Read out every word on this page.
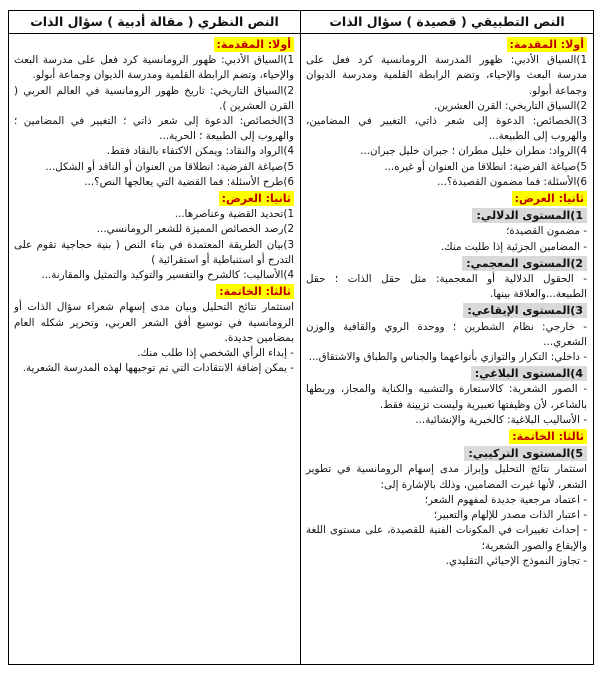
النص التطبيقي ( قصيدة ) سؤال الذات
أولا: المقدمة:

1)السياق الأدبي: ظهور المدرسة الرومانسية كرد فعل على مدرسة البعث والإحياء، وتضم الرابطة القلمية ومدرسة الديوان وجماعة أبولو.

2)السياق التاريخي: القرن العشرين.

3)الخصائص: الدعوة إلى شعر ذاتي، التغيير في المضامين، والهروب إلى الطبيعة...

4)الرواد: مطران خليل مطران ؛ جبران خليل جبران...

5)صياغة الفرضية: انطلاقا من العنوان أو غيره...

6)الأسئلة: فما مضمون القصيدة؟...

ثانيا: العرض:
1)المستوى الدلالي:

- مضمون القصيدة؛

- المضامين الجزئية إذا طلبت منك.

2)المستوى المعجمي:

- الحقول الدلالية أو المعجمية: مثل حقل الذات ؛ حقل الطبيعة...والعلاقة بينها.

3)المستوى الإيقاعي:

- خارجي: نظام الشطرين ؛ ووحدة الروي والقافية والوزن الشعري...

- داخلي: التكرار والتوازي بأنواعهما والجناس والطباق والاشتقاق...

4)المستوى البلاغي:

- الصور الشعرية: كالاستعارة والتشبيه والكناية والمجاز، وربطها بالشاعر، لأن وظيفتها تعبيرية وليست تزيينة فقط.

- الأساليب البلاغية: كالخبرية والإنشائية...

ثالثا: الخاتمة:
5)المستوى التركيبي:

استثمار نتائج التحليل وإبراز مدى إسهام الرومانسية في تطوير الشعر، لأنها غيرت المضامين، وذلك بالإشارة إلى:

- اعتماد مرجعية جديدة لمفهوم الشعر؛

- اعتبار الذات مصدر للإلهام والتعبير؛

- إحداث تغييرات في المكونات الفنية للقصيدة، على مستوى اللغة والإيقاع والصور الشعرية؛

- تجاوز النموذج الإحيائي التقليدي.

النص النظري ( مقالة أدبية ) سؤال الذات
أولا: المقدمة:

1)السياق الأدبي: ظهور الرومانسية كرد فعل على مدرسة البعث والإحياء، وتضم الرابطة القلمية ومدرسة الديوان وجماعة أبولو.

2)السياق التاريخي: تاريخ ظهور الرومانسية في العالم العربي ( القرن العشرين ).

3)الخصائص: الدعوة إلى شعر ذاتي ؛ التغيير في المضامين ؛ والهروب إلى الطبيعة ؛ الحرية...

4)الرواد والنقاد: ويمكن الاكتفاء بالنقاد فقط.

5)صياغة الفرضية: انطلاقا من العنوان أو الناقد أو الشكل...

6)طرح الأسئلة: فما القضية التي يعالجها النص؟...

ثانيا: العرض:

1)تحديد القضية وعناصرها...

2)رصد الخصائص المميزة للشعر الرومانسي...

3)بيان الطريقة المعتمدة في بناء النص ( بنية حجاجية تقوم على التدرج أو استنباطية أو استقرائية )

4)الأساليب: كالشرح والتفسير والتوكيد والتمثيل والمقارنة...

ثالثا: الخاتمة:

استثمار نتائج التحليل وبيان مدى إسهام شعراء سؤال الذات أو الرومانسية في توسيع أفق الشعر العربي، وتحرير شكله العام بمضامين جديدة.

- إبداء الرأي الشخصي إذا طلب منك.

- يمكن إضافة الانتقادات التي تم توجيهها لهذه المدرسة الشعرية.
